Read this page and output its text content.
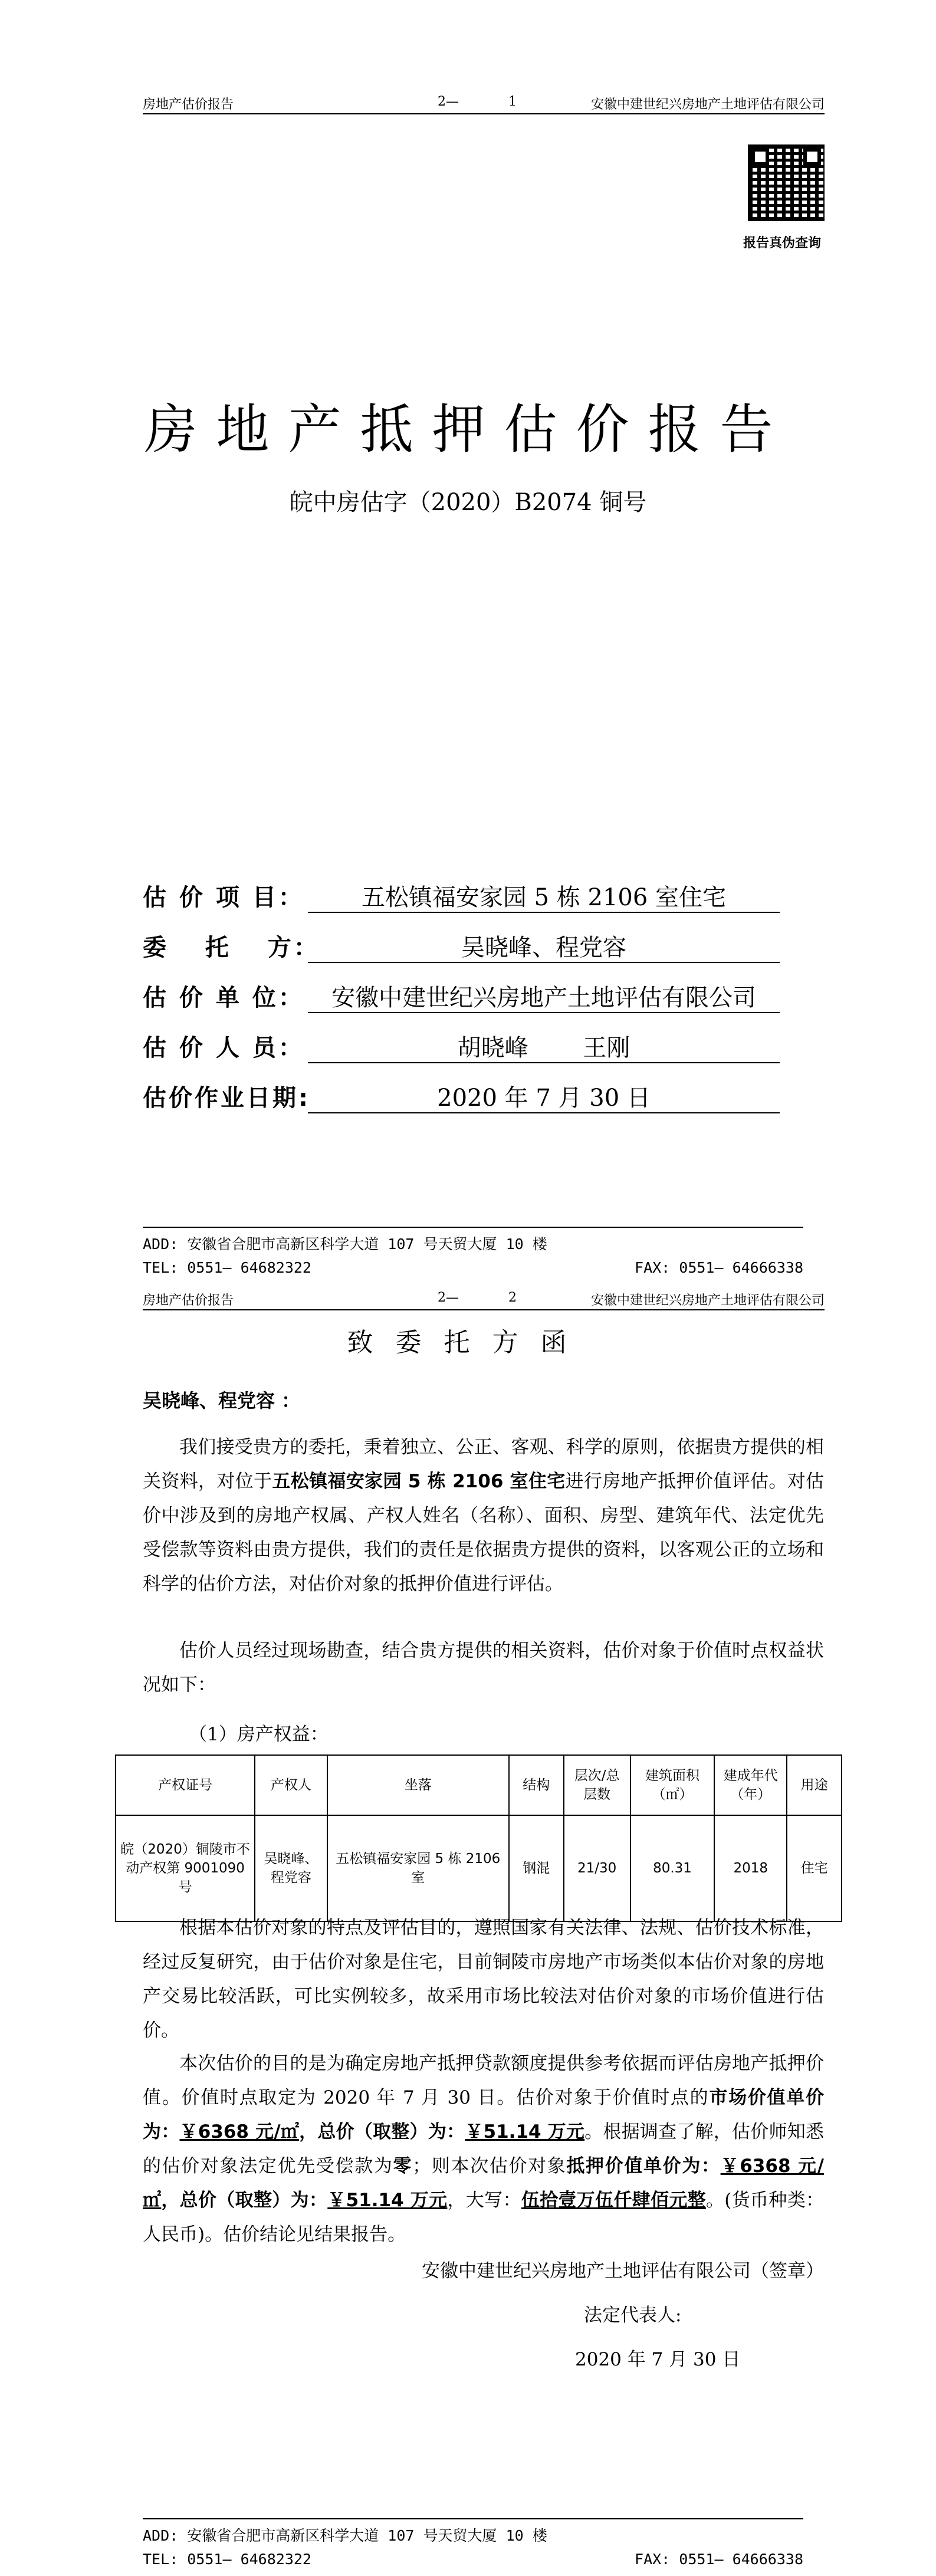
房地产估价报告	2—	1	安徽中建世纪兴房地产土地评估有限公司
报告真伪查询
房地产抵押估价报告
皖中房估字（2020）B2074 铜号
估 价 项 目：	五松镇福安家园 5 栋 2106 室住宅
委　 托　 方：	吴晓峰、程党容
估 价 单 位：	安徽中建世纪兴房地产土地评估有限公司
估 价 人 员：	胡晓峰　　 王刚
估价作业日期:	2020 年 7 月 30 日
ADD: 安徽省合肥市高新区科学大道 107 号天贸大厦 10 楼
TEL: 0551— 64682322	FAX: 0551— 64666338
房地产估价报告	2—	2	安徽中建世纪兴房地产土地评估有限公司
致委托方函
吴晓峰、程党容 ：
我们接受贵方的委托，秉着独立、公正、客观、科学的原则，依据贵方提供的相关资料，对位于五松镇福安家园 5 栋 2106 室住宅进行房地产抵押价值评估。对估价中涉及到的房地产权属、产权人姓名（名称）、面积、房型、建筑年代、法定优先受偿款等资料由贵方提供，我们的责任是依据贵方提供的资料，以客观公正的立场和科学的估价方法，对估价对象的抵押价值进行评估。
估价人员经过现场勘查，结合贵方提供的相关资料，估价对象于价值时点权益状况如下：
（1）房产权益：
产权证号	产权人	坐落	结构	层次/总层数	建筑面积（㎡）	建成年代（年）	用途
皖（2020）铜陵市不动产权第 9001090 号	吴晓峰、程党容	五松镇福安家园 5 栋 2106 室	钢混	21/30	80.31	2018	住宅
根据本估价对象的特点及评估目的，遵照国家有关法律、法规、估价技术标准，经过反复研究，由于估价对象是住宅，目前铜陵市房地产市场类似本估价对象的房地产交易比较活跃，可比实例较多，故采用市场比较法对估价对象的市场价值进行估价。
本次估价的目的是为确定房地产抵押贷款额度提供参考依据而评估房地产抵押价值。价值时点取定为 2020 年 7 月 30 日。估价对象于价值时点的市场价值单价为：￥6368 元/㎡，总价（取整）为：￥51.14 万元。根据调查了解，估价师知悉的估价对象法定优先受偿款为零；则本次估价对象抵押价值单价为：￥6368 元/㎡，总价（取整）为：￥51.14 万元，大写：伍拾壹万伍仟肆佰元整。(货币种类：人民币)。估价结论见结果报告。
安徽中建世纪兴房地产土地评估有限公司（签章）
法定代表人:
2020 年 7 月 30 日
ADD: 安徽省合肥市高新区科学大道 107 号天贸大厦 10 楼
TEL: 0551— 64682322	FAX: 0551— 64666338
